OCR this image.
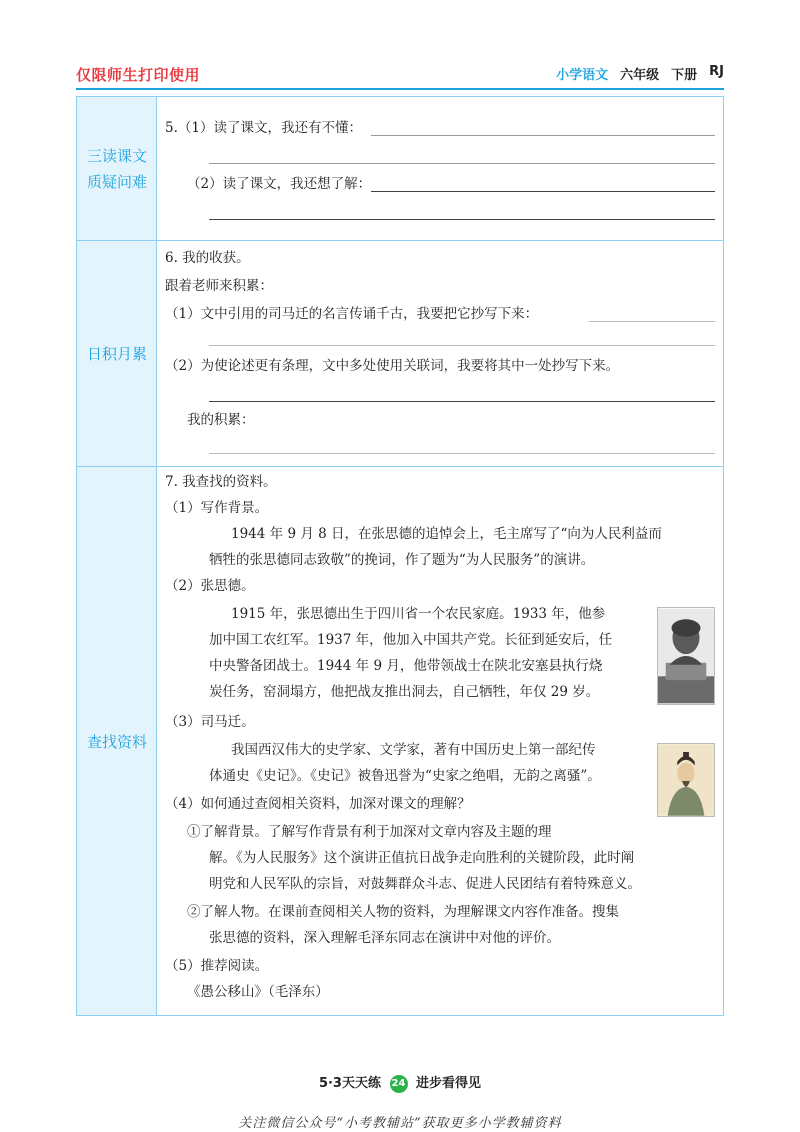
仅限师生打印使用	小学语文 六年级 下册 RJ
三读课文
质疑问难
5.（1）读了课文，我还有不懂：
（2）读了课文，我还想了解：
日积月累
6. 我的收获。
跟着老师来积累：
（1）文中引用的司马迁的名言传诵千古，我要把它抄写下来：
（2）为使论述更有条理，文中多处使用关联词，我要将其中一处抄写下来。
我的积累：
查找资料
7. 我查找的资料。
（1）写作背景。
1944 年 9 月 8 日，在张思德的追悼会上，毛主席写了“向为人民利益而
牺牲的张思德同志致敬”的挽词，作了题为“为人民服务”的演讲。
（2）张思德。
1915 年，张思德出生于四川省一个农民家庭。1933 年，他参
加中国工农红军。1937 年，他加入中国共产党。长征到延安后，任
中央警备团战士。1944 年 9 月，他带领战士在陕北安塞县执行烧
炭任务，窑洞塌方，他把战友推出洞去，自己牺牲，年仅 29 岁。
（3）司马迁。
我国西汉伟大的史学家、文学家，著有中国历史上第一部纪传
体通史《史记》。《史记》被鲁迅誉为“史家之绝唱，无韵之离骚”。
（4）如何通过查阅相关资料，加深对课文的理解？
①了解背景。了解写作背景有利于加深对文章内容及主题的理
解。《为人民服务》这个演讲正值抗日战争走向胜利的关键阶段，此时阐
明党和人民军队的宗旨，对鼓舞群众斗志、促进人民团结有着特殊意义。
②了解人物。在课前查阅相关人物的资料，为理解课文内容作准备。搜集
张思德的资料，深入理解毛泽东同志在演讲中对他的评价。
（5）推荐阅读。
《愚公移山》（毛泽东）
5·3天天练 24 进步看得见
关注微信公众号“小考教辅站”获取更多小学教辅资料
